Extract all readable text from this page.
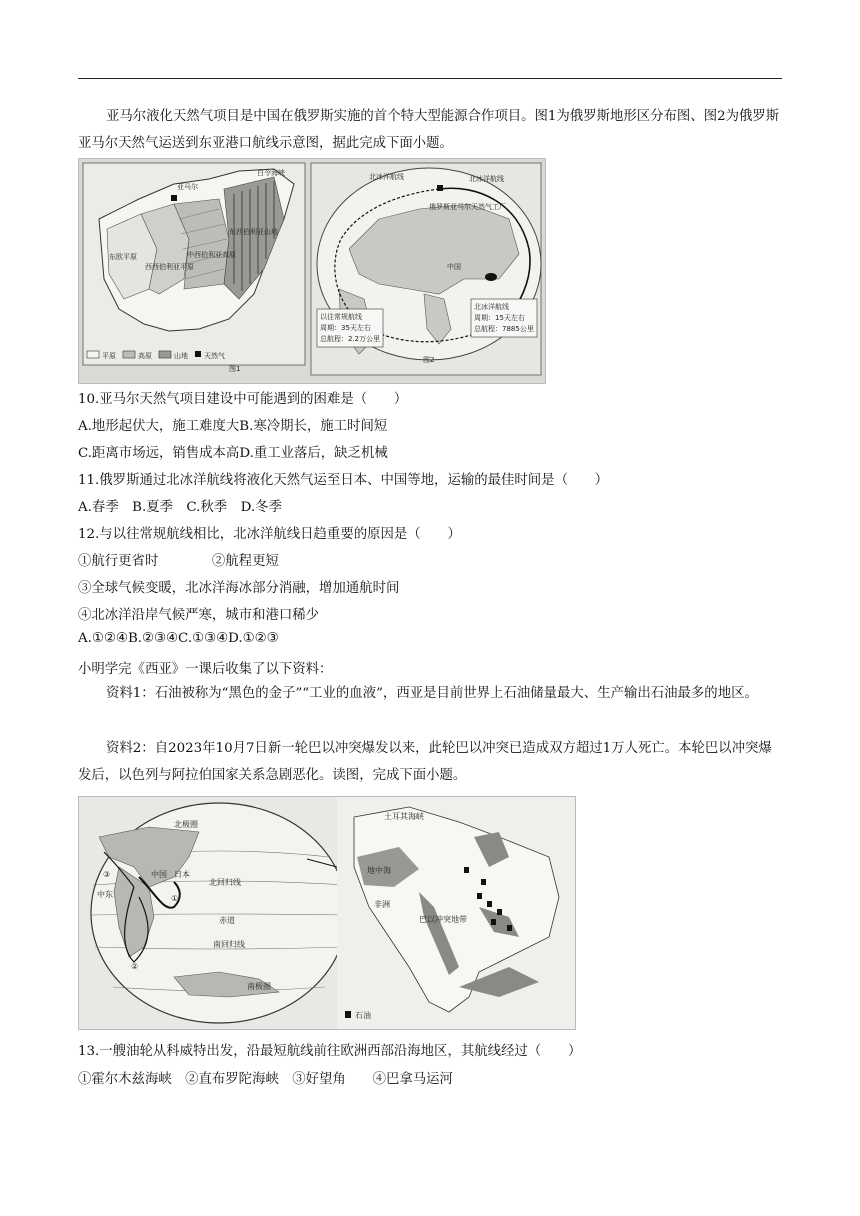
亚马尔液化天然气项目是中国在俄罗斯实施的首个特大型能源合作项目。图1为俄罗斯地形区分布图、图2为俄罗斯亚马尔天然气运送到东亚港口航线示意图，据此完成下面小题。

白令海峡
亚马尔
东欧平原
西西伯利亚平原
中西伯利亚高原
东西伯利亚山地
平原	高原	山地 天然气
图1
北冰洋航线	北冰洋航线
俄罗斯亚马尔天然气工厂
中国
以往常规航线
周期：35天左右
总航程：2.2万公里
北冰洋航线
周期：15天左右
总航程：7885公里
图2
10.亚马尔天然气项目建设中可能遇到的困难是（　　）
A.地形起伏大，施工难度大B.寒冷期长，施工时间短
C.距离市场远，销售成本高D.重工业落后，缺乏机械
11.俄罗斯通过北冰洋航线将液化天然气运至日本、中国等地，运输的最佳时间是（　　）
A.春季　B.夏季　C.秋季　D.冬季
12.与以往常规航线相比，北冰洋航线日趋重要的原因是（　　）
①航行更省时　　　　②航程更短
③全球气候变暖，北冰洋海冰部分消融，增加通航时间
④北冰洋沿岸气候严寒，城市和港口稀少
A.①②④B.②③④C.①③④D.①②③
小明学完《西亚》一课后收集了以下资料：

资料1：石油被称为“黑色的金子”“工业的血液”，西亚是目前世界上石油储量最大、生产输出石油最多的地区。

资料2：自2023年10月7日新一轮巴以冲突爆发以来，此轮巴以冲突已造成双方超过1万人死亡。本轮巴以冲突爆发后，以色列与阿拉伯国家关系急剧恶化。读图，完成下面小题。

北极圈
中国 日本
北回归线
中东
赤道
南回归线
南极圈
①
②
③
土耳其海峡
地中海
非洲
巴以冲突地带
石油
13.一艘油轮从科威特出发，沿最短航线前往欧洲西部沿海地区，其航线经过（　　）
①霍尔木兹海峡　②直布罗陀海峡　③好望角　　④巴拿马运河
